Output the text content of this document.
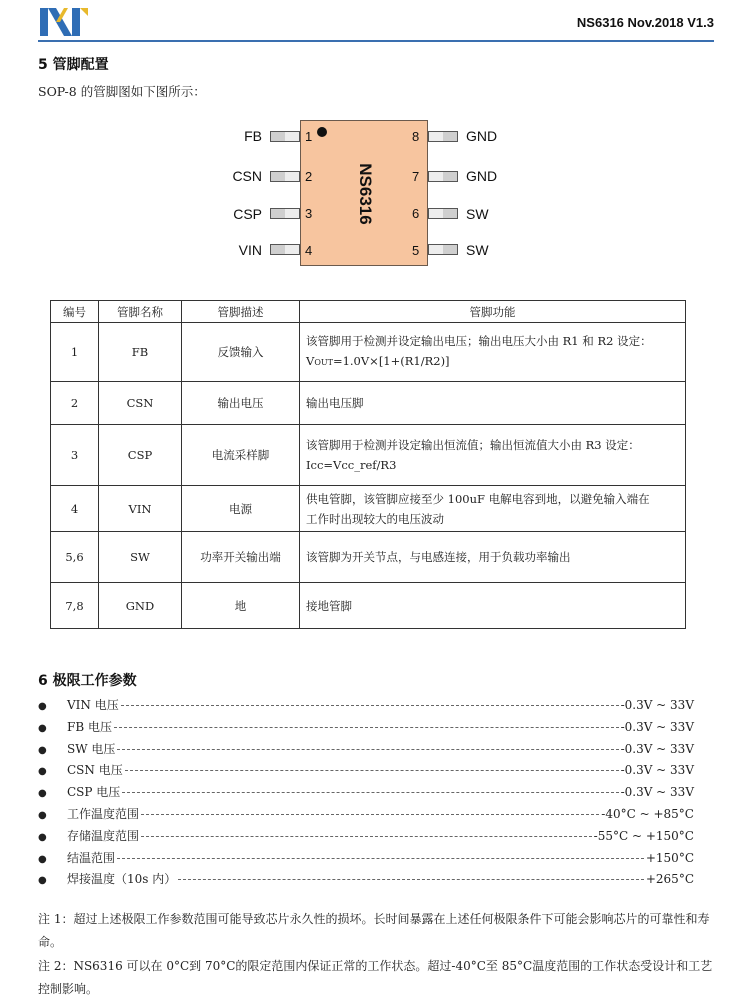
NS6316 Nov.2018 V1.3
5 管脚配置
SOP-8 的管脚图如下图所示：
NS6316
1
FB
2
CSN
3
CSP
4
VIN
8	GND
7	GND
6	SW
5	SW
编号	管脚名称	管脚描述	管脚功能
1	FB	反馈输入	该管脚用于检测并设定输出电压；输出电压大小由 R1 和 R2 设定：
VOUT=1.0V×[1+(R1/R2)]

2	CSN	输出电压	输出电压脚
3	CSP	电流采样脚	该管脚用于检测并设定输出恒流值；输出恒流值大小由 R3 设定：
Icc=Vcc_ref/R3

4	VIN	电源	供电管脚，该管脚应接至少 100uF 电解电容到地，以避免输入端在
工作时出现较大的电压波动

5,6	SW	功率开关输出端	该管脚为开关节点，与电感连接，用于负载功率输出
7,8	GND	地	接地管脚
6 极限工作参数
●	VIN 电压	-0.3V ~ 33V
●	FB 电压	-0.3V ~ 33V
●	SW 电压	-0.3V ~ 33V
●	CSN 电压	-0.3V ~ 33V
●	CSP 电压	-0.3V ~ 33V
●	工作温度范围	-40°C ~ +85°C
●	存储温度范围	-55°C ~ +150°C
●	结温范围	+150°C
●	焊接温度（10s 内）	+265°C
注 1：超过上述极限工作参数范围可能导致芯片永久性的损坏。长时间暴露在上述任何极限条件下可能会影响芯片的可靠性和寿命。
注 2：NS6316 可以在 0°C到 70°C的限定范围内保证正常的工作状态。超过-40°C至 85°C温度范围的工作状态受设计和工艺控制影响。
